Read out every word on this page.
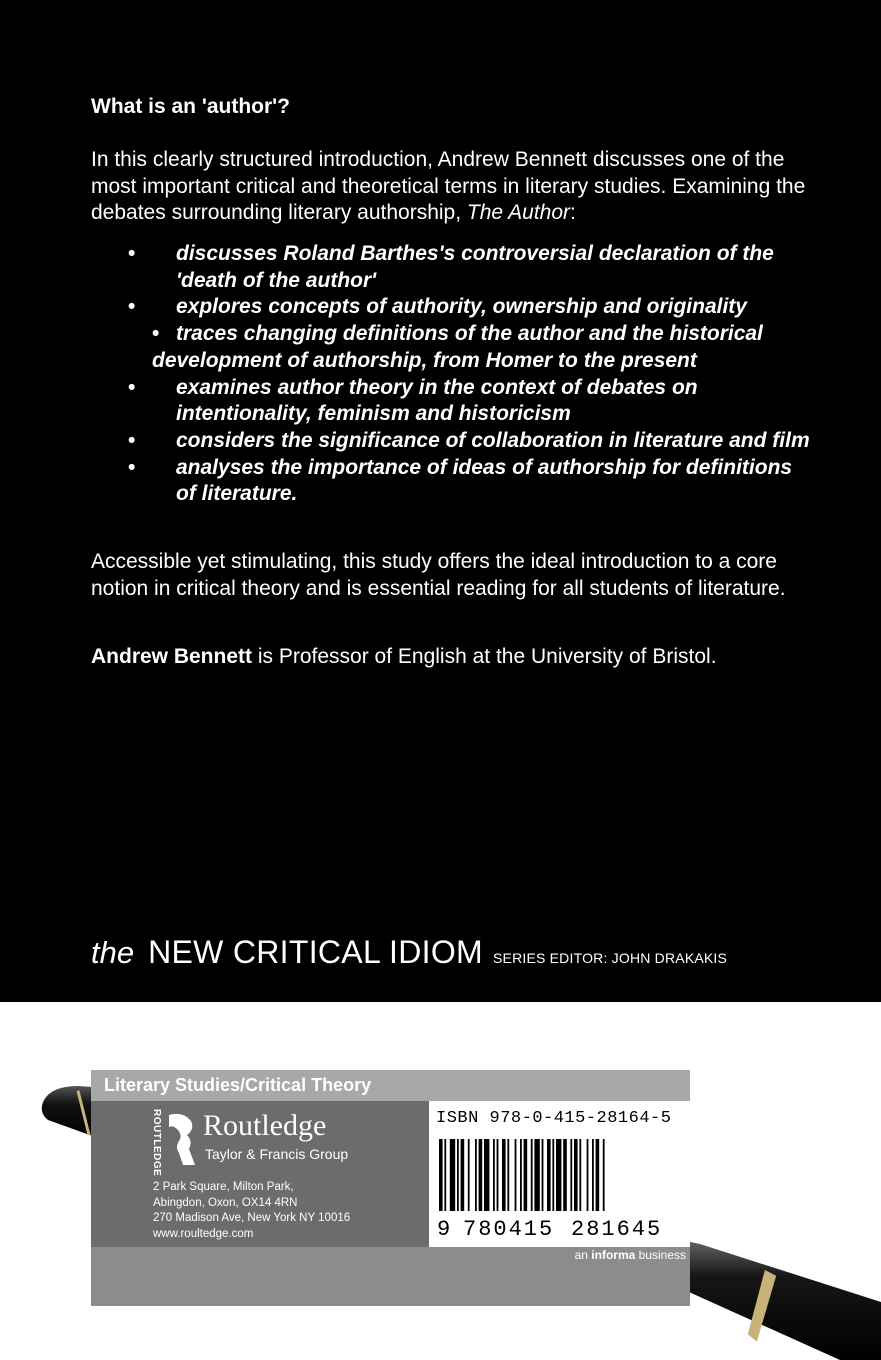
What is an 'author'?

In this clearly structured introduction, Andrew Bennett discusses one of the most important critical and theoretical terms in literary studies. Examining the debates surrounding literary authorship, The Author:

• discusses Roland Barthes's controversial declaration of the 'death of the author'
• explores concepts of authority, ownership and originality
• traces changing definitions of the author and the historical development of authorship, from Homer to the present
• examines author theory in the context of debates on intentionality, feminism and historicism
• considers the significance of collaboration in literature and film
• analyses the importance of ideas of authorship for definitions of literature.

Accessible yet stimulating, this study offers the ideal introduction to a core notion in critical theory and is essential reading for all students of literature.

Andrew Bennett is Professor of English at the University of Bristol.

the NEW CRITICAL IDIOM SERIES EDITOR: JOHN DRAKAKIS
Literary Studies/Critical Theory
ROUTLEDGE Routledge
Taylor & Francis Group
2 Park Square, Milton Park,
Abingdon, Oxon, OX14 4RN
270 Madison Ave, New York NY 10016
www.roultedge.com
ISBN 978-0-415-28164-5
9 780415 281645
an informa business
